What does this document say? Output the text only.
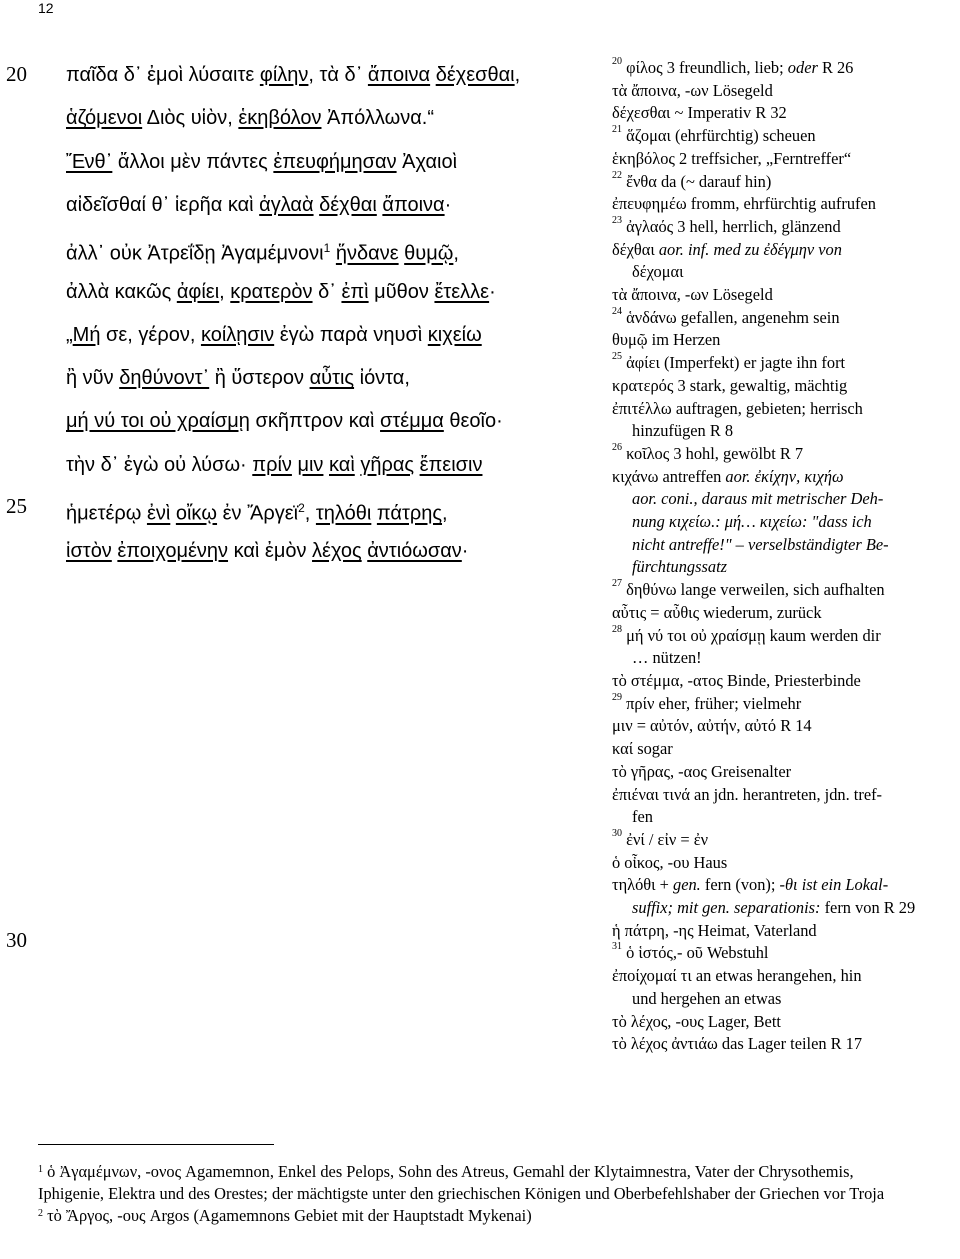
12
20
25
30
παῖδα δ᾽ ἐμοὶ λύσαιτε φίλην, τὰ δ᾽ ἄποινα δέχεσθαι,
ἁζόμενοι Διὸς υἱὸν, ἑκηβόλον Ἀπόλλωνα.“
Ἔνθ᾽ ἄλλοι μὲν πάντες ἐπευφήμησαν Ἀχαιοὶ
αἰδεῖσθαί θ᾽ ἱερῆα καὶ ἀγλαὰ δέχθαι ἄποινα·
ἀλλ᾽ οὐκ Ἀτρεΐδῃ Ἀγαμέμνονι$^1$ ἥνδανε θυμῷ,
ἀλλὰ κακῶς ἀφίει, κρατερὸν δ᾽ ἐπὶ μῦθον ἔτελλε·
„Μή σε, γέρον, κοίλῃσιν ἐγὼ παρὰ νηυσὶ κιχείω
ἢ νῦν δηθύνοντ᾽ ἢ ὕστερον αὖτις ἰόντα,
μή νύ τοι οὐ χραίσμῃ σκῆπτρον καὶ στέμμα θεοῖο·
τὴν δ᾽ ἐγὼ οὐ λύσω· πρίν μιν καὶ γῆρας ἔπεισιν
ἡμετέρῳ ἐνὶ οἴκῳ ἐν Ἄργεϊ$^2$, τηλόθι πάτρης,
ἱστὸν ἐποιχομένην καὶ ἐμὸν λέχος ἀντιόωσαν·
$^{20}$ φίλος 3 freundlich, lieb; oder R 26
τὰ ἄποινα, -ων Lösegeld
δέχεσθαι ~ Imperativ R 32
$^{21}$ ἅζομαι (ehrfürchtig) scheuen
ἑκηβόλος 2 treffsicher, „Ferntreffer“
$^{22}$ ἔνθα da (~ darauf hin)
ἐπευφημέω fromm, ehrfürchtig aufrufen
$^{23}$ ἀγλαός 3 hell, herrlich, glänzend
δέχθαι aor. inf. med zu ἐδέγμην von
δέχομαι
τὰ ἄποινα, -ων Lösegeld
$^{24}$ ἁνδάνω gefallen, angenehm sein
θυμῷ im Herzen
$^{25}$ ἀφίει (Imperfekt) er jagte ihn fort
κρατερός 3 stark, gewaltig, mächtig
ἐπιτέλλω auftragen, gebieten; herrisch
hinzufügen R 8
$^{26}$ κοῖλος 3 hohl, gewölbt R 7
κιχάνω antreffen aor. ἐκίχην, κιχήω
aor. coni., daraus mit metrischer Deh-
nung κιχείω.: μή… κιχείω: "dass ich
nicht antreffe!" – verselbständigter Be-
fürchtungssatz
$^{27}$ δηθύνω lange verweilen, sich aufhalten
αὖτις = αὖθις wiederum, zurück
$^{28}$ μή νύ τοι οὐ χραίσμῃ kaum werden dir
… nützen!
τὸ στέμμα, -ατος Binde, Priesterbinde
$^{29}$ πρίν eher, früher; vielmehr
μιν = αὐτόν, αὐτήν, αὐτό R 14
καί sogar
τὸ γῆρας, -αος Greisenalter
ἐπιέναι τινά an jdn. herantreten, jdn. tref-
fen
$^{30}$ ἐνί / εἰν = ἐν
ὁ οἶκος, -ου Haus
τηλόθι + gen. fern (von); -θι ist ein Lokal-
suffix; mit gen. separationis: fern von R 29
ἡ πάτρη, -ης Heimat, Vaterland
$^{31}$ ὁ ἱστός,- οῦ Webstuhl
ἐποίχομαί τι an etwas herangehen, hin
und hergehen an etwas
τὸ λέχος, -ους Lager, Bett
τὸ λέχος ἀντιάω das Lager teilen R 17
$^1$ ὁ Ἀγαμέμνων, -ονος Agamemnon, Enkel des Pelops, Sohn des Atreus, Gemahl der Klytaimnestra, Vater der Chrysothemis, Iphigenie, Elektra und des Orestes; der mächtigste unter den griechischen Königen und Oberbefehlshaber der Griechen vor Troja
$^2$ τὸ Ἄργος, -ους Argos (Agamemnons Gebiet mit der Hauptstadt Mykenai)
